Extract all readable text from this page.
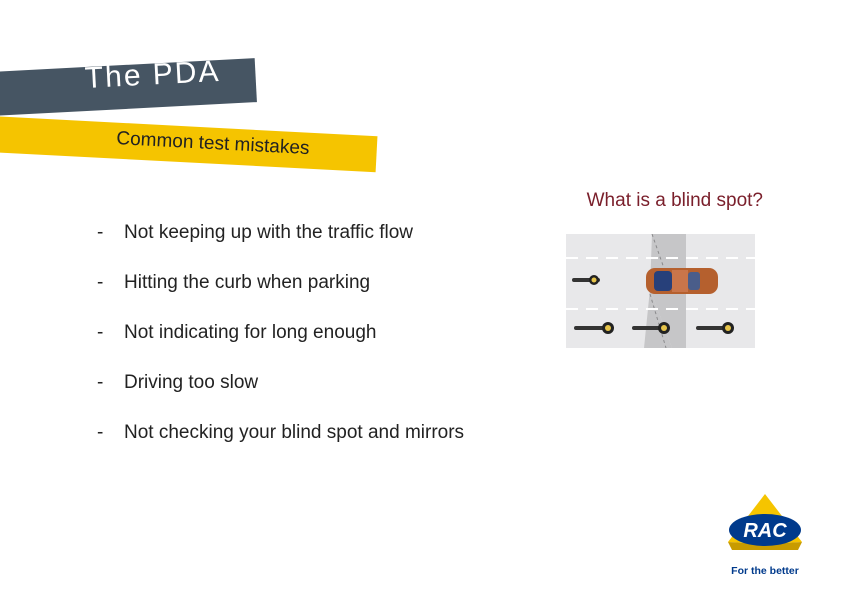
The PDA
Common test mistakes
- Not keeping up with the traffic flow
- Hitting the curb when parking
- Not indicating for long enough
- Driving too slow
- Not checking your blind spot and mirrors
What is a blind spot?
RAC
For the better
